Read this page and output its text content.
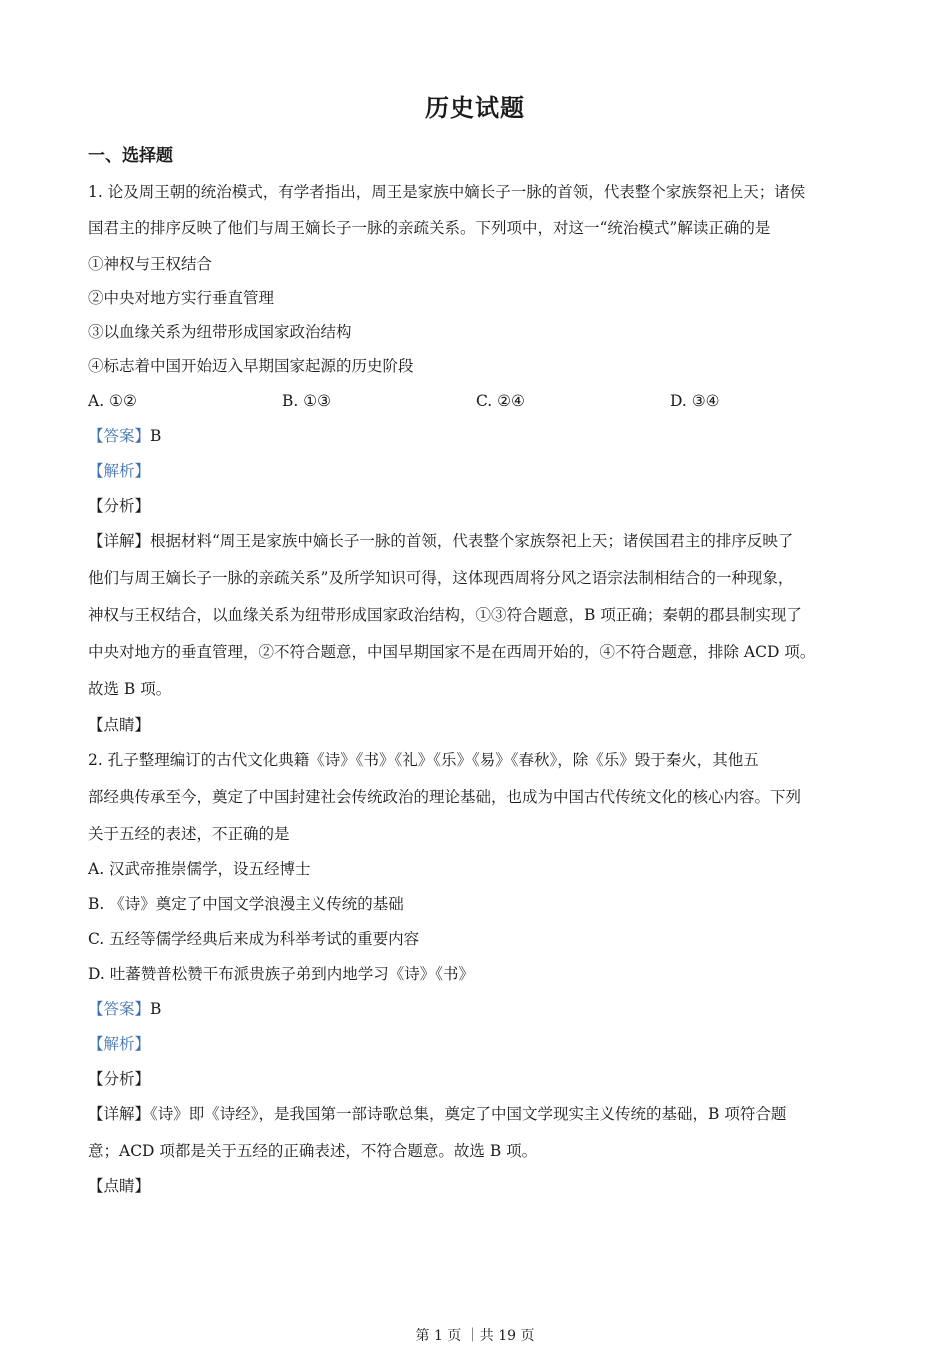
历史试题
一、选择题
1. 论及周王朝的统治模式，有学者指出，周王是家族中嫡长子一脉的首领，代表整个家族祭祀上天；诸侯
国君主的排序反映了他们与周王嫡长子一脉的亲疏关系。下列项中，对这一“统治模式”解读正确的是
①神权与王权结合
②中央对地方实行垂直管理
③以血缘关系为纽带形成国家政治结构
④标志着中国开始迈入早期国家起源的历史阶段
A. ①②	B. ①③	C. ②④	D. ③④
【答案】B
【解析】
【分析】
【详解】根据材料“周王是家族中嫡长子一脉的首领，代表整个家族祭祀上天；诸侯国君主的排序反映了
他们与周王嫡长子一脉的亲疏关系”及所学知识可得，这体现西周将分风之语宗法制相结合的一种现象，
神权与王权结合，以血缘关系为纽带形成国家政治结构，①③符合题意，B 项正确；秦朝的郡县制实现了
中央对地方的垂直管理，②不符合题意，中国早期国家不是在西周开始的，④不符合题意，排除 ACD 项。
故选 B 项。
【点睛】
2. 孔子整理编订的古代文化典籍《诗》《书》《礼》《乐》《易》《春秋》，除《乐》毁于秦火，其他五
部经典传承至今，奠定了中国封建社会传统政治的理论基础，也成为中国古代传统文化的核心内容。下列
关于五经的表述，不正确的是
A. 汉武帝推崇儒学，设五经博士
B. 《诗》奠定了中国文学浪漫主义传统的基础
C. 五经等儒学经典后来成为科举考试的重要内容
D. 吐蕃赞普松赞干布派贵族子弟到内地学习《诗》《书》
【答案】B
【解析】
【分析】
【详解】《诗》即《诗经》，是我国第一部诗歌总集，奠定了中国文学现实主义传统的基础，B 项符合题
意；ACD 项都是关于五经的正确表述，不符合题意。故选 B 项。
【点睛】
第 1 页 ｜共 19 页
